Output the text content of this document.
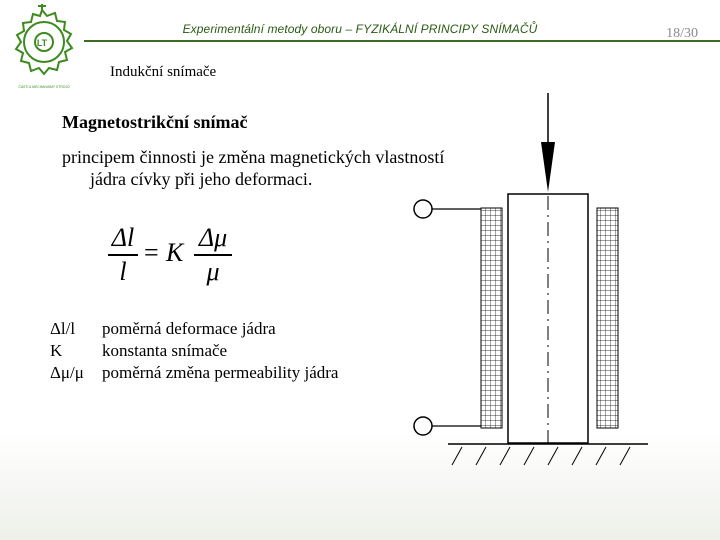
LT
ČÁSTI A MECHANISMY STROJŮ
Experimentální metody oboru – FYZIKÁLNÍ PRINCIPY SNÍMAČŮ	18/30
Indukční snímače
Magnetostrikční snímač
principem činnosti je změna magnetických vlastností jádra cívky při jeho deformaci.
Δl
l
= K
Δμ
μ
Δl/l	poměrná deformace jádra
K	konstanta snímače
Δμ/μ	poměrná změna permeability jádra
